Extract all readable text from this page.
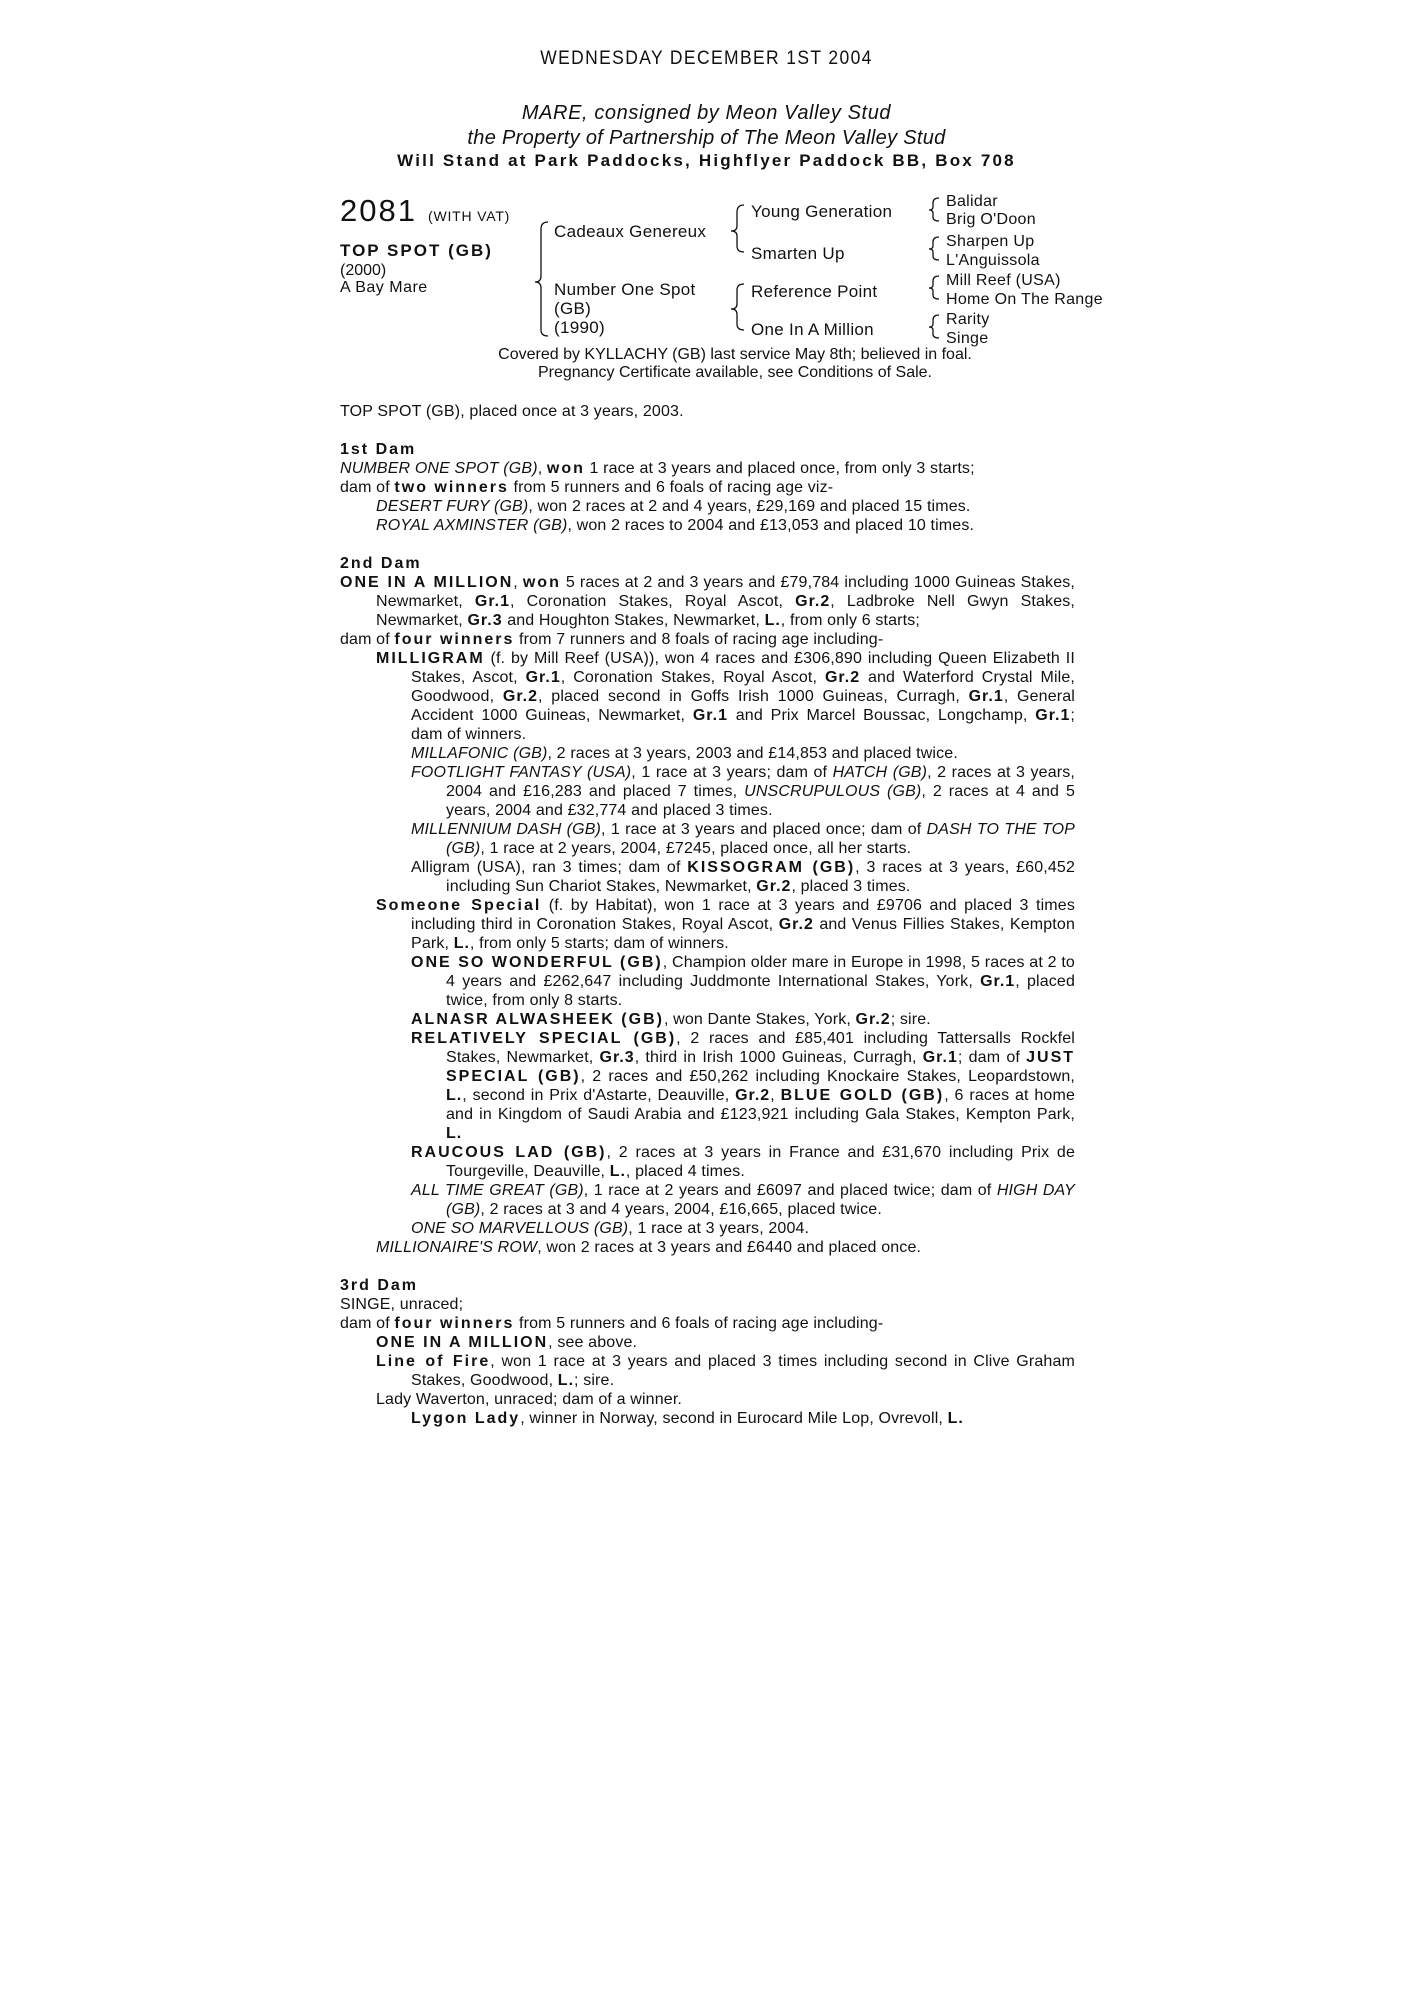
WEDNESDAY DECEMBER 1ST 2004
MARE, consigned by Meon Valley Stud
the Property of Partnership of The Meon Valley Stud
Will Stand at Park Paddocks, Highflyer Paddock BB, Box 708
2081 (WITH VAT)
TOP SPOT (GB)
(2000)
A Bay Mare
Cadeaux Genereux
Number One Spot
(GB)
(1990)
Young Generation
Smarten Up
Reference Point
One In A Million
Balidar
Brig O'Doon
Sharpen Up
L'Anguissola
Mill Reef (USA)
Home On The Range
Rarity
Singe
Covered by KYLLACHY (GB) last service May 8th; believed in foal.
Pregnancy Certificate available, see Conditions of Sale.

TOP SPOT (GB), placed once at 3 years, 2003.

1st Dam

NUMBER ONE SPOT (GB), won 1 race at 3 years and placed once, from only 3 starts;

dam of two winners from 5 runners and 6 foals of racing age viz-

DESERT FURY (GB), won 2 races at 2 and 4 years, £29,169 and placed 15 times.

ROYAL AXMINSTER (GB), won 2 races to 2004 and £13,053 and placed 10 times.

2nd Dam

ONE IN A MILLION, won 5 races at 2 and 3 years and £79,784 including 1000 Guineas Stakes, Newmarket, Gr.1, Coronation Stakes, Royal Ascot, Gr.2, Ladbroke Nell Gwyn Stakes, Newmarket, Gr.3 and Houghton Stakes, Newmarket, L., from only 6 starts;

dam of four winners from 7 runners and 8 foals of racing age including-

MILLIGRAM (f. by Mill Reef (USA)), won 4 races and £306,890 including Queen Elizabeth II Stakes, Ascot, Gr.1, Coronation Stakes, Royal Ascot, Gr.2 and Waterford Crystal Mile, Goodwood, Gr.2, placed second in Goffs Irish 1000 Guineas, Curragh, Gr.1, General Accident 1000 Guineas, Newmarket, Gr.1 and Prix Marcel Boussac, Longchamp, Gr.1; dam of winners.

MILLAFONIC (GB), 2 races at 3 years, 2003 and £14,853 and placed twice.

FOOTLIGHT FANTASY (USA), 1 race at 3 years; dam of HATCH (GB), 2 races at 3 years, 2004 and £16,283 and placed 7 times, UNSCRUPULOUS (GB), 2 races at 4 and 5 years, 2004 and £32,774 and placed 3 times.

MILLENNIUM DASH (GB), 1 race at 3 years and placed once; dam of DASH TO THE TOP (GB), 1 race at 2 years, 2004, £7245, placed once, all her starts.

Alligram (USA), ran 3 times; dam of KISSOGRAM (GB), 3 races at 3 years, £60,452 including Sun Chariot Stakes, Newmarket, Gr.2, placed 3 times.

Someone Special (f. by Habitat), won 1 race at 3 years and £9706 and placed 3 times including third in Coronation Stakes, Royal Ascot, Gr.2 and Venus Fillies Stakes, Kempton Park, L., from only 5 starts; dam of winners.

ONE SO WONDERFUL (GB), Champion older mare in Europe in 1998, 5 races at 2 to 4 years and £262,647 including Juddmonte International Stakes, York, Gr.1, placed twice, from only 8 starts.

ALNASR ALWASHEEK (GB), won Dante Stakes, York, Gr.2; sire.

RELATIVELY SPECIAL (GB), 2 races and £85,401 including Tattersalls Rockfel Stakes, Newmarket, Gr.3, third in Irish 1000 Guineas, Curragh, Gr.1; dam of JUST SPECIAL (GB), 2 races and £50,262 including Knockaire Stakes, Leopardstown, L., second in Prix d'Astarte, Deauville, Gr.2, BLUE GOLD (GB), 6 races at home and in Kingdom of Saudi Arabia and £123,921 including Gala Stakes, Kempton Park, L.

RAUCOUS LAD (GB), 2 races at 3 years in France and £31,670 including Prix de Tourgeville, Deauville, L., placed 4 times.

ALL TIME GREAT (GB), 1 race at 2 years and £6097 and placed twice; dam of HIGH DAY (GB), 2 races at 3 and 4 years, 2004, £16,665, placed twice.

ONE SO MARVELLOUS (GB), 1 race at 3 years, 2004.

MILLIONAIRE'S ROW, won 2 races at 3 years and £6440 and placed once.

3rd Dam

SINGE, unraced;

dam of four winners from 5 runners and 6 foals of racing age including-

ONE IN A MILLION, see above.

Line of Fire, won 1 race at 3 years and placed 3 times including second in Clive Graham Stakes, Goodwood, L.; sire.

Lady Waverton, unraced; dam of a winner.

Lygon Lady, winner in Norway, second in Eurocard Mile Lop, Ovrevoll, L.
